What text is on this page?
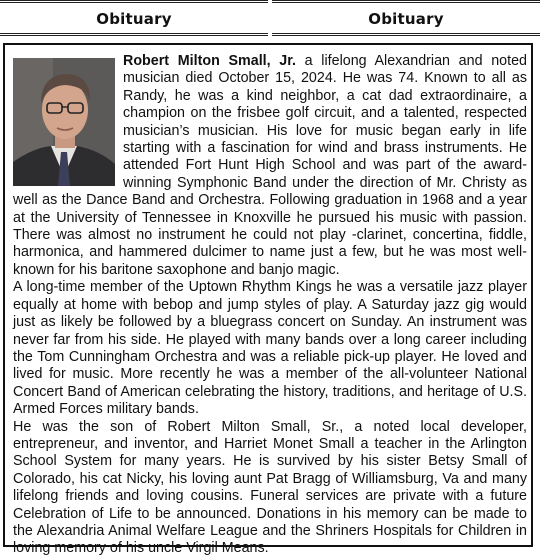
Obituary	Obituary

Robert Milton Small, Jr. a lifelong Alexandrian and noted musician died October 15, 2024. He was 74. Known to all as Randy, he was a kind neighbor, a cat dad extraordinaire, a champion on the frisbee golf circuit, and a talented, respected musician’s musician. His love for music began early in life starting with a fascination for wind and brass instruments. He attended Fort Hunt High School and was part of the award-winning Symphonic Band under the direction of Mr. Christy as well as the Dance Band and Orchestra. Following graduation in 1968 and a year at the University of Tennessee in Knoxville he pursued his music with passion. There was almost no instrument he could not play -clarinet, concertina, fiddle, harmonica, and hammered dulcimer to name just a few, but he was most well-known for his baritone saxophone and banjo magic.

A long-time member of the Uptown Rhythm Kings he was a versatile jazz player equally at home with bebop and jump styles of play. A Saturday jazz gig would just as likely be followed by a bluegrass concert on Sunday. An instrument was never far from his side. He played with many bands over a long career including the Tom Cunningham Orchestra and was a reliable pick-up player. He loved and lived for music. More recently he was a member of the all-volunteer National Concert Band of American celebrating the history, traditions, and heritage of U.S. Armed Forces military bands.

He was the son of Robert Milton Small, Sr., a noted local developer, entrepreneur, and inventor, and Harriet Monet Small a teacher in the Arlington School System for many years. He is survived by his sister Betsy Small of Colorado, his cat Nicky, his loving aunt Pat Bragg of Williamsburg, Va and many lifelong friends and loving cousins. Funeral services are private with a future Celebration of Life to be announced. Donations in his memory can be made to the Alexandria Animal Welfare League and the Shriners Hospitals for Children in loving memory of his uncle Virgil Means.
